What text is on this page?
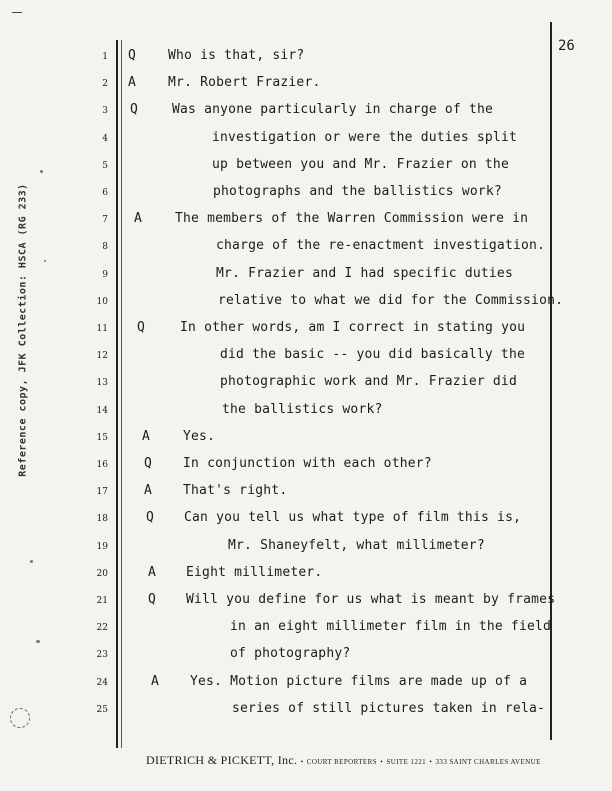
Reference copy, JFK Collection: HSCA (RG 233)
26
1 Q Who is that, sir?
2 A Mr. Robert Frazier.
3 Q	Was anyone particularly in charge of the
4	investigation or were the duties split
5	up between you and Mr. Frazier on the
6	photographs and the ballistics work?
7 A	The members of the Warren Commission were in
8	charge of the re-enactment investigation.
9	Mr. Frazier and I had specific duties
10	relative to what we did for the Commission.
11 Q	In other words, am I correct in stating you
12	did the basic -- you did basically the
13	photographic work and Mr. Frazier did
14	the ballistics work?
15	A	Yes.
16	Q In conjunction with each other?
17	A That's right.
18	Q Can you tell us what type of film this is,
19	Mr. Shaneyfelt, what millimeter?
20	A Eight millimeter.
21	Q Will you define for us what is meant by frames
22	in an eight millimeter film in the field
23	of photography?
24	A Yes. Motion picture films are made up of a
25	series of still pictures taken in rela-
DIETRICH & PICKETT, Inc. • COURT REPORTERS • SUITE 1221 • 333 SAINT CHARLES AVENUE
